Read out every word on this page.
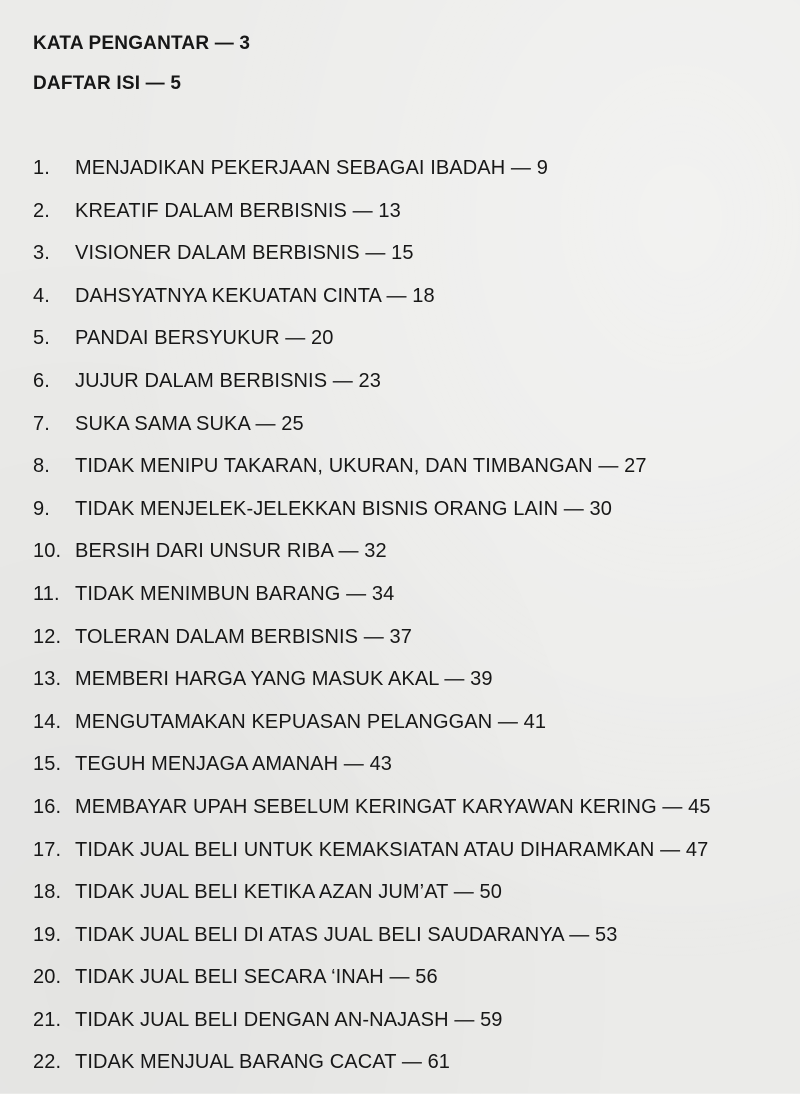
KATA PENGANTAR — 3
DAFTAR ISI — 5
1.	MENJADIKAN PEKERJAAN SEBAGAI IBADAH — 9
2.	KREATIF DALAM BERBISNIS — 13
3.	VISIONER DALAM BERBISNIS — 15
4.	DAHSYATNYA KEKUATAN CINTA — 18
5.	PANDAI BERSYUKUR — 20
6.	JUJUR DALAM BERBISNIS — 23
7.	SUKA SAMA SUKA — 25
8.	TIDAK MENIPU TAKARAN, UKURAN, DAN TIMBANGAN — 27
9.	TIDAK MENJELEK-JELEKKAN BISNIS ORANG LAIN — 30
10. BERSIH DARI UNSUR RIBA — 32
11. TIDAK MENIMBUN BARANG — 34
12. TOLERAN DALAM BERBISNIS — 37
13. MEMBERI HARGA YANG MASUK AKAL — 39
14. MENGUTAMAKAN KEPUASAN PELANGGAN — 41
15. TEGUH MENJAGA AMANAH — 43
16. MEMBAYAR UPAH SEBELUM KERINGAT KARYAWAN KERING — 45
17. TIDAK JUAL BELI UNTUK KEMAKSIATAN ATAU DIHARAMKAN — 47
18. TIDAK JUAL BELI KETIKA AZAN JUM’AT — 50
19. TIDAK JUAL BELI DI ATAS JUAL BELI SAUDARANYA — 53
20. TIDAK JUAL BELI SECARA ‘INAH — 56
21. TIDAK JUAL BELI DENGAN AN-NAJASH — 59
22. TIDAK MENJUAL BARANG CACAT — 61
